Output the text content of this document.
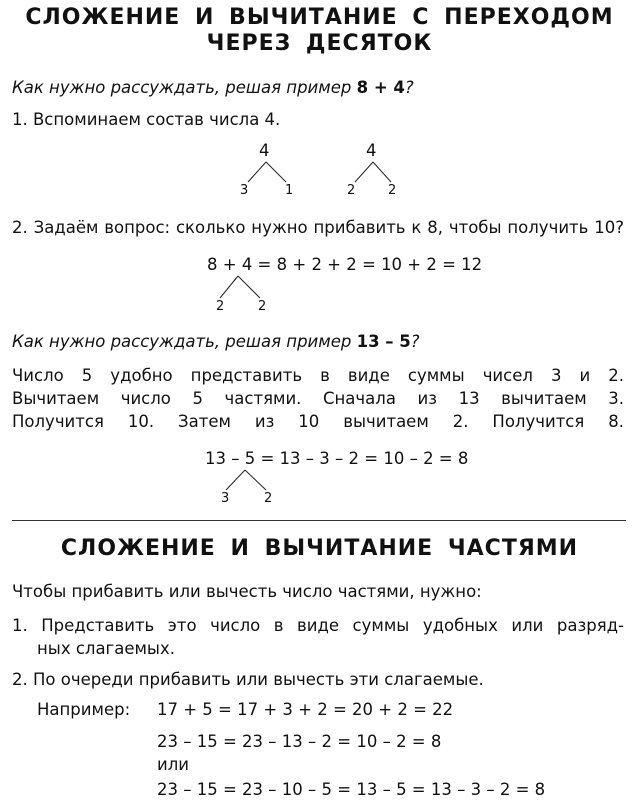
СЛОЖЕНИЕ И ВЫЧИТАНИЕ С ПЕРЕХОДОМ
ЧЕРЕЗ ДЕСЯТОК
Как нужно рассуждать, решая пример 8 + 4?
1. Вспоминаем состав числа 4.
4
3	1
4
2	2
2. Задаём вопрос: сколько нужно прибавить к 8, чтобы получить 10?
8 + 4 = 8 + 2 + 2 = 10 + 2 = 12
2	2
Как нужно рассуждать, решая пример 13 – 5?
Число 5 удобно представить в виде суммы чисел 3 и 2.
Вычитаем число 5 частями. Сначала из 13 вычитаем 3.
Получится 10. Затем из 10 вычитаем 2. Получится 8.
13 – 5 = 13 – 3 – 2 = 10 – 2 = 8
3	2
СЛОЖЕНИЕ И ВЫЧИТАНИЕ ЧАСТЯМИ
Чтобы прибавить или вычесть число частями, нужно:
1. Представить это число в виде суммы удобных или разряд-
ных слагаемых.
2. По очереди прибавить или вычесть эти слагаемые.
Например: 17 + 5 = 17 + 3 + 2 = 20 + 2 = 22
23 – 15 = 23 – 13 – 2 = 10 – 2 = 8
или
23 – 15 = 23 – 10 – 5 = 13 – 5 = 13 – 3 – 2 = 8
